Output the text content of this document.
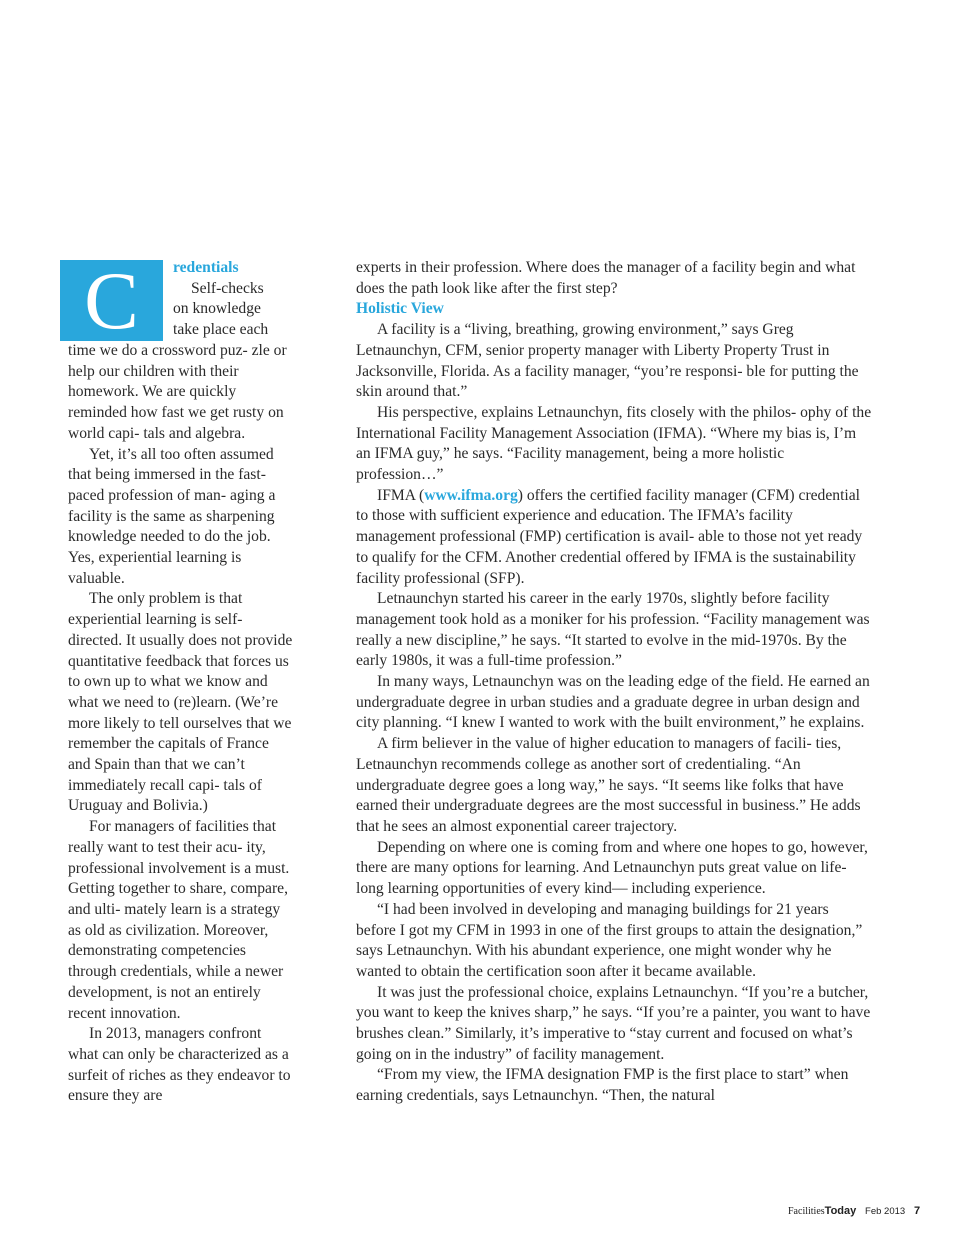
C	redentials

Self-checks

on knowledge

take place each

time we do a crossword puz- zle or help our children with their homework. We are quickly reminded how fast we get rusty on world capi- tals and algebra.

Yet, it’s all too often assumed that being immersed in the fast-paced profession of man- aging a facility is the same as sharpening knowledge needed to do the job. Yes, experiential learning is valuable.

The only problem is that experiential learning is self- directed. It usually does not provide quantitative feedback that forces us to own up to what we know and what we need to (re)learn. (We’re more likely to tell ourselves that we remember the capitals of France and Spain than that we can’t immediately recall capi- tals of Uruguay and Bolivia.)

For managers of facilities that really want to test their acu- ity, professional involvement is a must. Getting together to share, compare, and ulti- mately learn is a strategy as old as civilization. Moreover, demonstrating competencies through credentials, while a newer development, is not an entirely recent innovation.

In 2013, managers confront what can only be characterized as a surfeit of riches as they endeavor to ensure they are

experts in their profession. Where does the manager of a facility begin and what does the path look like after the first step?

Holistic View

A facility is a “living, breathing, growing environment,” says Greg Letnaunchyn, CFM, senior property manager with Liberty Property Trust in Jacksonville, Florida. As a facility manager, “you’re responsi- ble for putting the skin around that.”

His perspective, explains Letnaunchyn, fits closely with the philos- ophy of the International Facility Management Association (IFMA). “Where my bias is, I’m an IFMA guy,” he says. “Facility management, being a more holistic profession…”

IFMA (www.ifma.org) offers the certified facility manager (CFM) credential to those with sufficient experience and education. The IFMA’s facility management professional (FMP) certification is avail- able to those not yet ready to qualify for the CFM. Another credential offered by IFMA is the sustainability facility professional (SFP).

Letnaunchyn started his career in the early 1970s, slightly before facility management took hold as a moniker for his profession. “Facility management was really a new discipline,” he says. “It started to evolve in the mid-1970s. By the early 1980s, it was a full-time profession.”

In many ways, Letnaunchyn was on the leading edge of the field. He earned an undergraduate degree in urban studies and a graduate degree in urban design and city planning. “I knew I wanted to work with the built environment,” he explains.

A firm believer in the value of higher education to managers of facili- ties, Letnaunchyn recommends college as another sort of credentialing. “An undergraduate degree goes a long way,” he says. “It seems like folks that have earned their undergraduate degrees are the most successful in business.” He adds that he sees an almost exponential career trajectory.

Depending on where one is coming from and where one hopes to go, however, there are many options for learning. And Letnaunchyn puts great value on life-long learning opportunities of every kind— including experience.

“I had been involved in developing and managing buildings for 21 years before I got my CFM in 1993 in one of the first groups to attain the designation,” says Letnaunchyn. With his abundant experience, one might wonder why he wanted to obtain the certification soon after it became available.

It was just the professional choice, explains Letnaunchyn. “If you’re a butcher, you want to keep the knives sharp,” he says. “If you’re a painter, you want to have brushes clean.” Similarly, it’s imperative to “stay current and focused on what’s going on in the industry” of facility management.

“From my view, the IFMA designation FMP is the first place to start” when earning credentials, says Letnaunchyn. “Then, the natural

FacilitiesToday Feb 2013 7
